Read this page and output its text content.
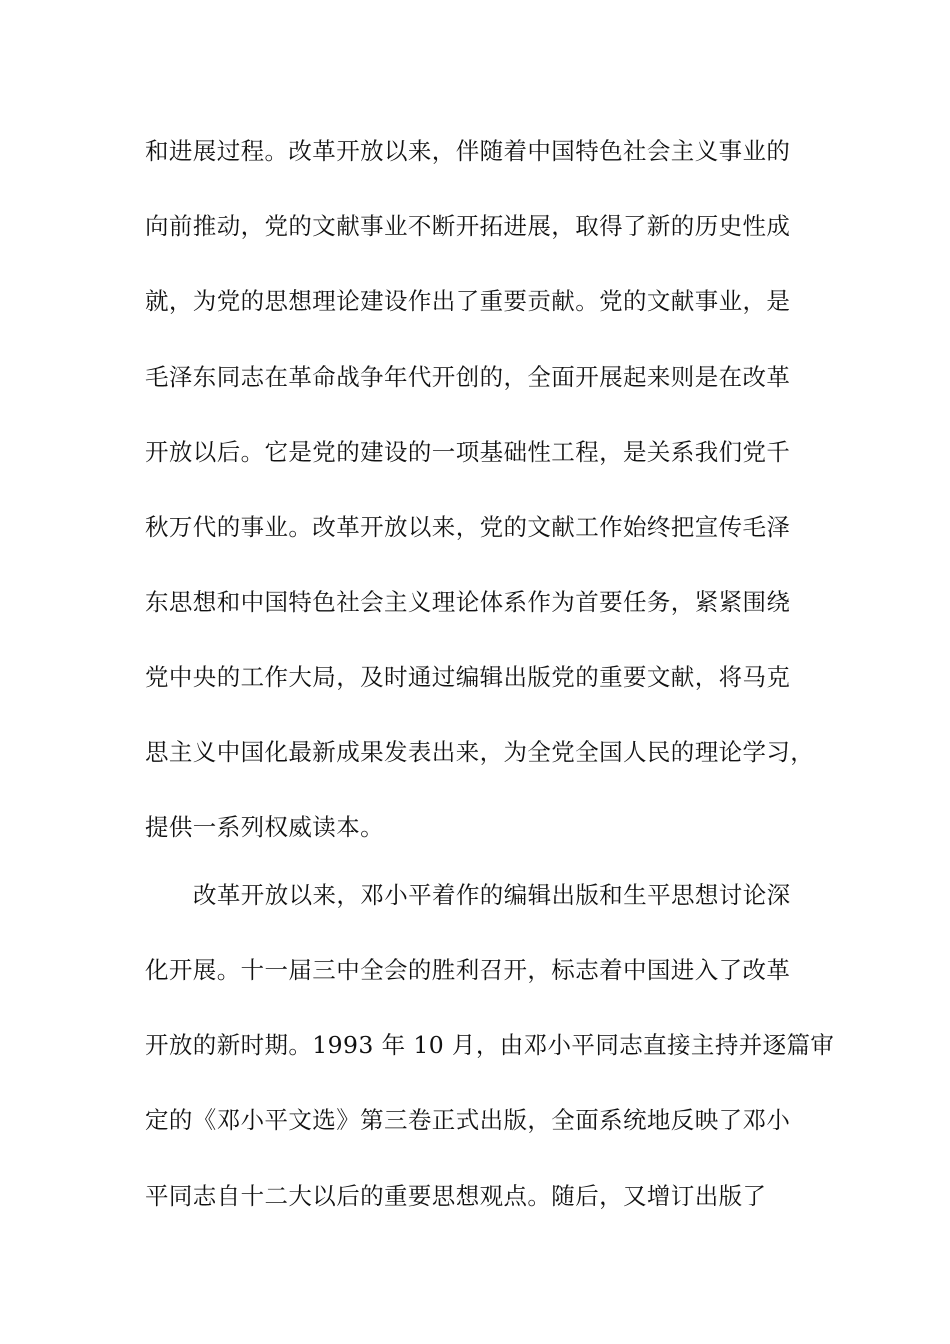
和进展过程。改革开放以来，伴随着中国特色社会主义事业的
向前推动，党的文献事业不断开拓进展，取得了新的历史性成
就，为党的思想理论建设作出了重要贡献。党的文献事业，是
毛泽东同志在革命战争年代开创的，全面开展起来则是在改革
开放以后。它是党的建设的一项基础性工程，是关系我们党千
秋万代的事业。改革开放以来，党的文献工作始终把宣传毛泽
东思想和中国特色社会主义理论体系作为首要任务，紧紧围绕
党中央的工作大局，及时通过编辑出版党的重要文献，将马克
思主义中国化最新成果发表出来，为全党全国人民的理论学习，
提供一系列权威读本。
改革开放以来，邓小平着作的编辑出版和生平思想讨论深
化开展。十一届三中全会的胜利召开，标志着中国进入了改革
开放的新时期。1993 年 10 月，由邓小平同志直接主持并逐篇审
定的《邓小平文选》第三卷正式出版，全面系统地反映了邓小
平同志自十二大以后的重要思想观点。随后，又增订出版了
